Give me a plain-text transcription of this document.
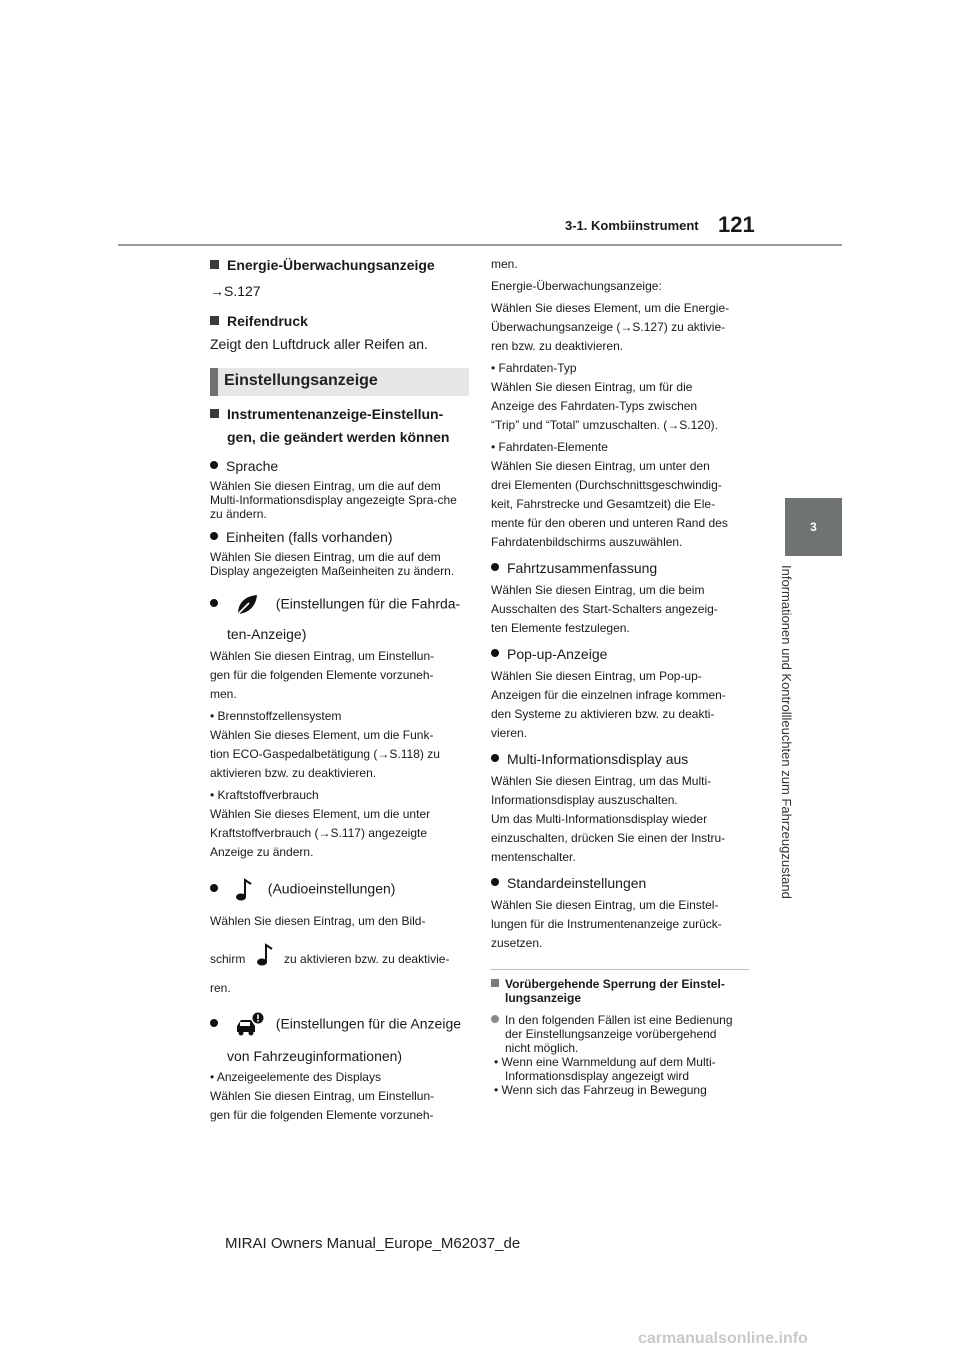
3-1. Kombiinstrument 121
3
Informationen und Kontrollleuchten zum Fahrzeugzustand
Energie-Überwachungsanzeige
→S.127
Reifendruck
Zeigt den Luftdruck aller Reifen an.
Einstellungsanzeige
Instrumentenanzeige-Einstellun-
gen, die geändert werden können
Sprache
Wählen Sie diesen Eintrag, um die auf dem Multi-Informationsdisplay angezeigte Spra-che zu ändern.
Einheiten (falls vorhanden)
Wählen Sie diesen Eintrag, um die auf dem Display angezeigten Maßeinheiten zu ändern.
(Einstellungen für die Fahrda-
ten-Anzeige)
Wählen Sie diesen Eintrag, um Einstellun-
gen für die folgenden Elemente vorzuneh-
men.
• Brennstoffzellensystem
Wählen Sie dieses Element, um die Funk-
tion ECO-Gaspedalbetätigung (→S.118) zu
aktivieren bzw. zu deaktivieren.
• Kraftstoffverbrauch
Wählen Sie dieses Element, um die unter
Kraftstoffverbrauch (→S.117) angezeigte
Anzeige zu ändern.
(Audioeinstellungen)
Wählen Sie diesen Eintrag, um den Bild-
schirm	zu aktivieren bzw. zu deaktivie-
ren.
(Einstellungen für die Anzeige
von Fahrzeuginformationen)
• Anzeigeelemente des Displays
Wählen Sie diesen Eintrag, um Einstellun-
gen für die folgenden Elemente vorzuneh-
men.
Energie-Überwachungsanzeige:
Wählen Sie dieses Element, um die Energie-
Überwachungsanzeige (→S.127) zu aktivie-
ren bzw. zu deaktivieren.
• Fahrdaten-Typ
Wählen Sie diesen Eintrag, um für die
Anzeige des Fahrdaten-Typs zwischen
“Trip” und “Total” umzuschalten. (→S.120).
• Fahrdaten-Elemente
Wählen Sie diesen Eintrag, um unter den
drei Elementen (Durchschnittsgeschwindig-
keit, Fahrstrecke und Gesamtzeit) die Ele-
mente für den oberen und unteren Rand des
Fahrdatenbildschirms auszuwählen.
Fahrtzusammenfassung
Wählen Sie diesen Eintrag, um die beim
Ausschalten des Start-Schalters angezeig-
ten Elemente festzulegen.
Pop-up-Anzeige
Wählen Sie diesen Eintrag, um Pop-up-
Anzeigen für die einzelnen infrage kommen-
den Systeme zu aktivieren bzw. zu deakti-
vieren.
Multi-Informationsdisplay aus
Wählen Sie diesen Eintrag, um das Multi-
Informationsdisplay auszuschalten.
Um das Multi-Informationsdisplay wieder
einzuschalten, drücken Sie einen der Instru-
mentenschalter.
Standardeinstellungen
Wählen Sie diesen Eintrag, um die Einstel-
lungen für die Instrumentenanzeige zurück-
zusetzen.
Vorübergehende Sperrung der Einstel-
lungsanzeige
In den folgenden Fällen ist eine Bedienung
der Einstellungsanzeige vorübergehend
nicht möglich.
• Wenn eine Warnmeldung auf dem Multi-
Informationsdisplay angezeigt wird
• Wenn sich das Fahrzeug in Bewegung
MIRAI Owners Manual_Europe_M62037_de
carmanualsonline.info
